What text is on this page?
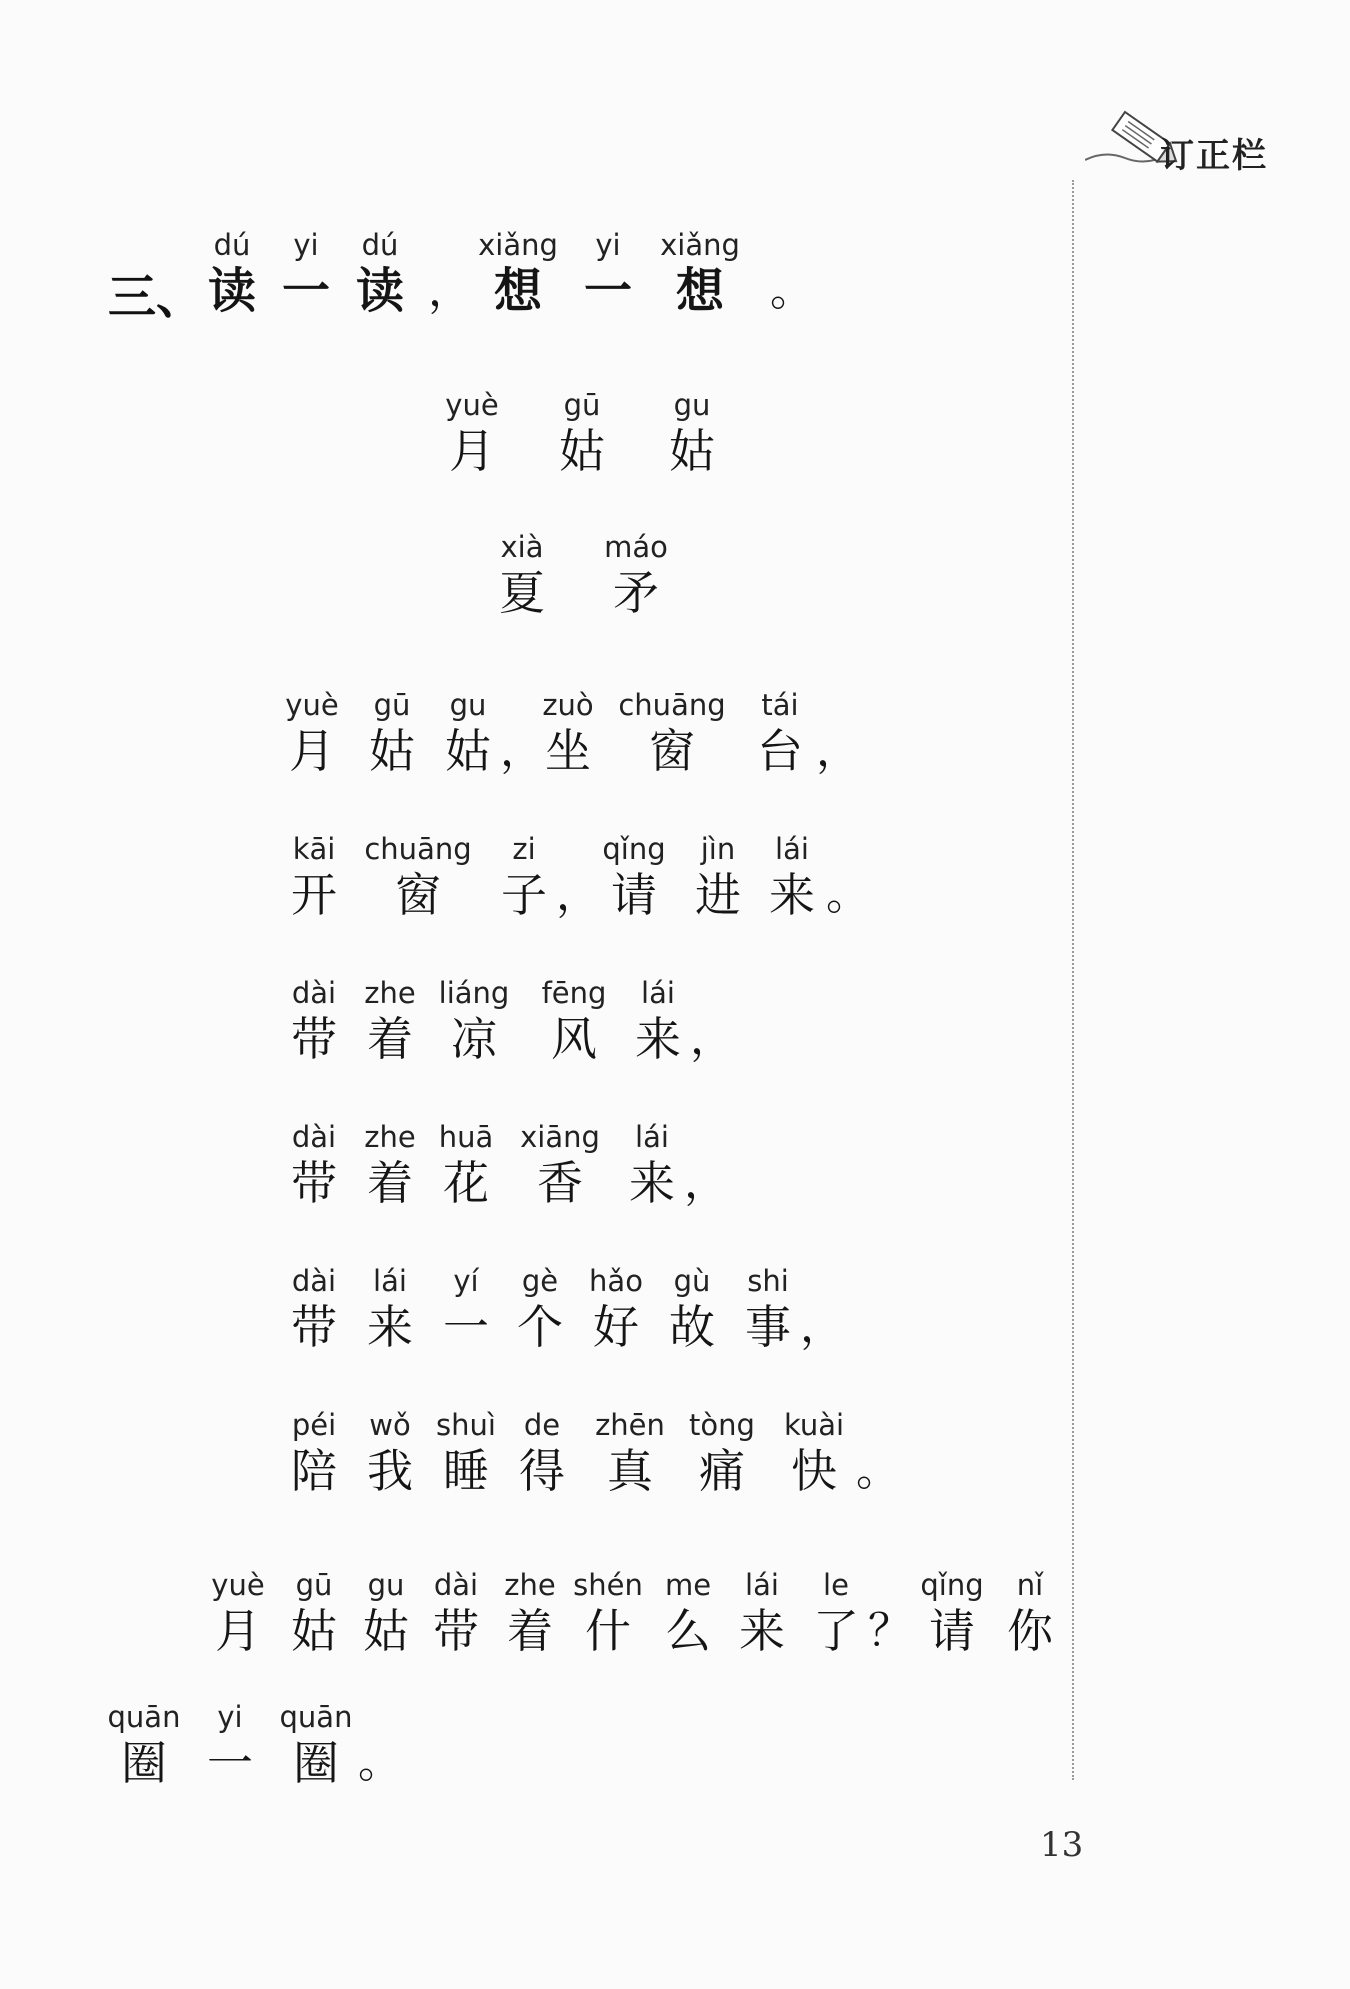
订正栏
三、
dú
读
yi
一
dú
读 ，
xiǎng
想
yi
一
xiǎng
想	。
yuè
月
gū
姑
gu
姑
xià
夏
máo
矛
yuè
月
gū
姑
gu
姑 ，
zuò
坐
chuāng
窗
tái
台 ，
kāi
开
chuāng
窗
zi
子 ，
qǐng
请
jìn
进
lái
来 。
dài
带
zhe
着
liáng
凉
fēng
风
lái
来 ，
dài
带
zhe
着
huā
花
xiāng
香
lái
来 ，
dài
带
lái
来
yí
一
gè
个
hǎo
好
gù
故
shi
事 ，
péi
陪
wǒ
我
shuì
睡
de
得
zhēn
真
tòng
痛
kuài
快 。
yuè
月
gū
姑
gu
姑
dài
带
zhe
着
shén
什
me
么
lái
来
le
了 ？
qǐng
请
nǐ
你
quān
圈
yi
一
quān
圈 。
13
